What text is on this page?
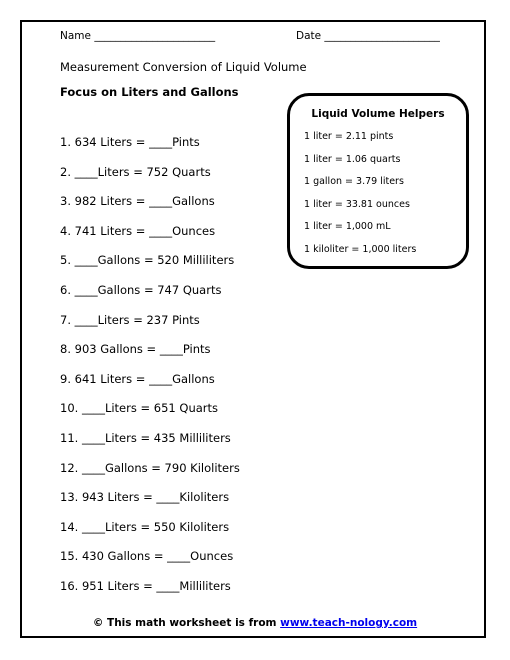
Name _______________________	Date ______________________
Measurement Conversion of Liquid Volume
Focus on Liters and Gallons
1. 634 Liters = ____Pints
2. ____Liters = 752 Quarts
3. 982 Liters = ____Gallons
4. 741 Liters = ____Ounces
5. ____Gallons = 520 Milliliters
6. ____Gallons = 747 Quarts
7. ____Liters = 237 Pints
8. 903 Gallons = ____Pints
9. 641 Liters = ____Gallons
10. ____Liters = 651 Quarts
11. ____Liters = 435 Milliliters
12. ____Gallons = 790 Kiloliters
13. 943 Liters = ____Kiloliters
14. ____Liters = 550 Kiloliters
15. 430 Gallons = ____Ounces
16. 951 Liters = ____Milliliters
Liquid Volume Helpers
1 liter = 2.11 pints
1 liter = 1.06 quarts
1 gallon = 3.79 liters
1 liter = 33.81 ounces
1 liter = 1,000 mL
1 kiloliter = 1,000 liters
© This math worksheet is from www.teach-nology.com
